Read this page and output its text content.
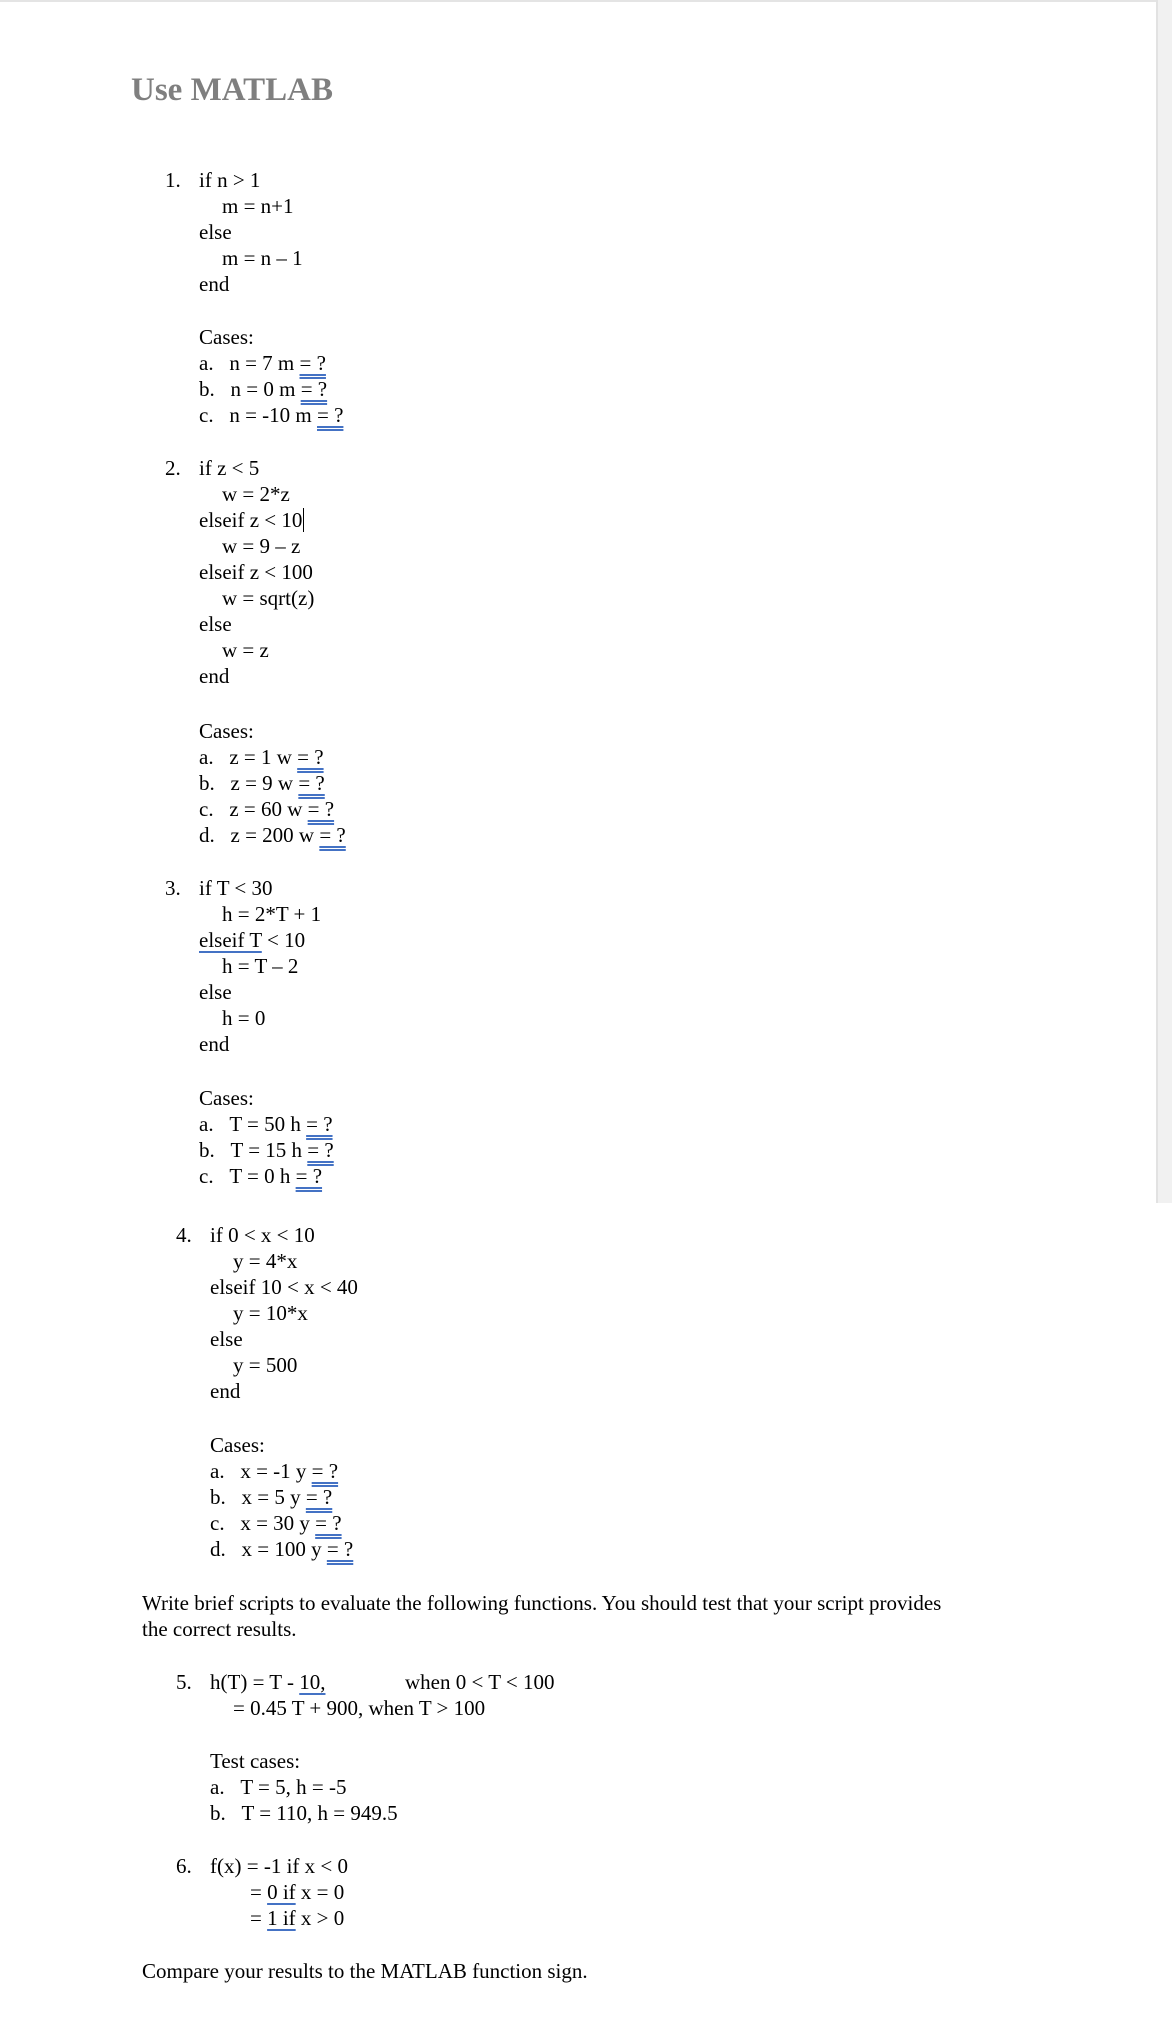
Use MATLAB
1. if n > 1
m = n+1
else
m = n – 1
end
Cases:
a. n = 7 m = ?
b. n = 0 m = ?
c. n = -10 m = ?
2. if z < 5
w = 2*z
elseif z < 10
w = 9 – z
elseif z < 100
w = sqrt(z)
else
w = z
end
Cases:
a. z = 1 w = ?
b. z = 9 w = ?
c. z = 60 w = ?
d. z = 200 w = ?
3. if T < 30
h = 2*T + 1
elseif T < 10
h = T – 2
else
h = 0
end
Cases:
a. T = 50 h = ?
b. T = 15 h = ?
c. T = 0 h = ?
4. if 0 < x < 10
y = 4*x
elseif 10 < x < 40
y = 10*x
else
y = 500
end
Cases:
a. x = -1 y = ?
b. x = 5 y = ?
c. x = 30 y = ?
d. x = 100 y = ?
Write brief scripts to evaluate the following functions. You should test that your script provides
the correct results.
5. h(T) = T - 10,	when 0 < T < 100
= 0.45 T + 900, when T > 100
Test cases:
a. T = 5, h = -5
b. T = 110, h = 949.5
6. f(x) = -1 if x < 0
= 0 if x = 0
= 1 if x > 0
Compare your results to the MATLAB function sign.
